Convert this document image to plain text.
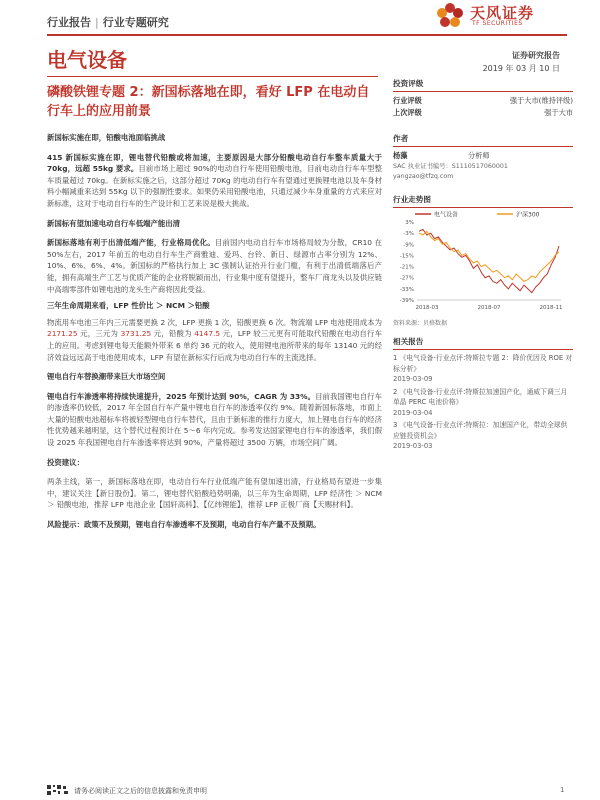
行业报告 | 行业专题研究
天风证券
TF SECURITIES
电气设备	证券研究报告
2019 年 03 月 10 日
磷酸铁锂专题 2：新国标落地在即，看好 LFP 在电动自行车上的应用前景

新国标实施在即，铅酸电池面临挑战

415 新国标实施在即，锂电替代铅酸或将加速，主要原因是大部分铅酸电动自行车整车质量大于 70kg，远超 55kg 要求。目前市场上超过 90%的电动自行车使用铅酸电池，目前电动自行车车型整车质量超过 70kg。在新标实施之后，这部分超过 70Kg 的电动自行车有望通过更换锂电池以及车身材料小幅减重来达到 55Kg 以下的强制性要求。如果仍采用铅酸电池，只通过减少车身重量的方式来应对新标准，这对于电动自行车的生产设计和工艺来说是极大挑战。

新国标有望加速电动自行车低端产能出清

新国标落地有利于出清低端产能，行业格局优化。目前国内电动自行车市场格局较为分散，CR10 在 50%左右，2017 年前五的电动自行车生产商雅迪、爱玛、台铃、新日、绿源市占率分别为 12%、10%、6%、6%、4%。新国标的严格执行加上 3C 强制认证抬升行业门槛，有利于出清低端落后产能，拥有高端生产工艺与优质产能的企业将脱颖而出，行业集中度有望提升，整车厂商龙头以及供应链中高端零部件如锂电池的龙头生产商将因此受益。

三年生命周期来看，LFP 性价比 ＞ NCM ＞铅酸

物流用车电池三年内三元需要更换 2 次，LFP 更换 1 次，铅酸更换 6 次。物流端 LFP 电池使用成本为 2171.25 元，三元为 3731.25 元，铅酸为 4147.5 元，LFP 较三元更有可能取代铅酸在电动自行车上的应用。考虑到锂电每天能额外带来 6 单约 36 元的收入，使用锂电池所带来的每年 13140 元的经济效益远远高于电池使用成本，LFP 有望在新标实行后成为电动自行车的主流选择。

锂电自行车替换潮带来巨大市场空间

锂电自行车渗透率将持续快速提升，2025 年预计达到 90%，CAGR 为 33%。目前我国锂电自行车的渗透率仍较低，2017 年全国自行车产量中锂电自行车的渗透率仅约 9%。随着新国标落地，市面上大量的铅酸电池超标车将被轻型锂电自行车替代，且由于新标准的推行力度大，加上锂电自行车的经济性优势越来越明显，这个替代过程预计在 5～6 年内完成。参考发达国家锂电自行车的渗透率，我们假设 2025 年我国锂电自行车渗透率将达到 90%，产量将超过 3500 万辆，市场空间广阔。

投资建议：

两条主线，第一，新国标落地在即，电动自行车行业低端产能有望加速出清，行业格局有望进一步集中，建议关注【新日股份】。第二，锂电替代铅酸趋势明确，以三年为生命周期，LFP 经济性 ＞ NCM ＞ 铅酸电池，推荐 LFP 电池企业【国轩高科】、【亿纬锂能】，推荐 LFP 正极厂商【天赐材料】。

风险提示：政策不及预期，锂电自行车渗透率不及预期，电动自行车产量不及预期。

投资评级
行业评级	强于大市(维持评级)
上次评级	强于大市
作者
杨藻	分析师
SAC 执业证书编号：S1110517060001
yangzao@tfzq.com
行业走势图
电气设备	沪深300
3%
-3%
-9%
-15%
-21%
-27%
-33%
-39%
2018-03	2018-07	2018-11
资料来源：贝格数据
相关报告
1 《电气设备-行业点评:特斯拉专题 2：降价优因及 ROE 对标分析》
2019-03-09
2 《电气设备-行业点评:特斯拉加速国产化，通威下调三月单晶 PERC 电池价格》
2019-03-04
3 《电气设备-行业点评:特斯拉：加速国产化，带动全球供应链投资机会》
2019-03-03
请务必阅读正文之后的信息披露和免责申明	1
